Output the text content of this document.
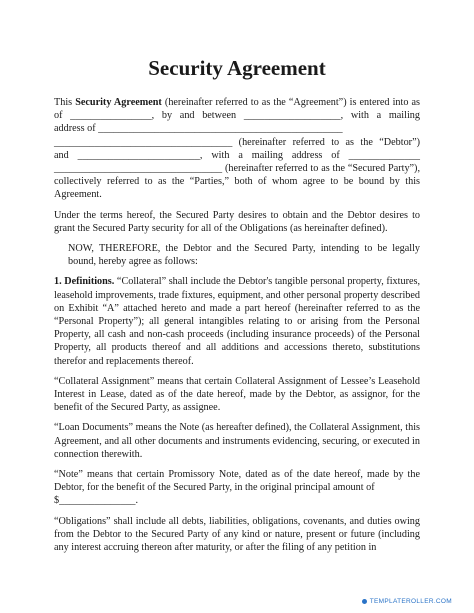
Security Agreement
This Security Agreement (hereinafter referred to as the “Agreement”) is entered into as
of ________________, by and between ___________________, with a mailing
address of ________________________________________________
___________________________________ (hereinafter referred to as the “Debtor”)
and ________________________, with a mailing address of ______________
_________________________________ (hereinafter referred to as the “Secured Party”),
collectively referred to as the “Parties,” both of whom agree to be bound by this
Agreement.
Under the terms hereof, the Secured Party desires to obtain and the Debtor desires to grant the Secured Party security for all of the Obligations (as hereinafter defined).
NOW, THEREFORE, the Debtor and the Secured Party, intending to be legally bound, hereby agree as follows:
1. Definitions. “Collateral” shall include the Debtor's tangible personal property, fixtures, leasehold improvements, trade fixtures, equipment, and other personal property described on Exhibit “A” attached hereto and made a part hereof (hereinafter referred to as the “Personal Property”); all general intangibles relating to or arising from the Personal Property, all cash and non-cash proceeds (including insurance proceeds) of the Personal Property, all products thereof and all additions and accessions thereto, substitutions therefor and replacements thereof.
“Collateral Assignment” means that certain Collateral Assignment of Lessee’s Leasehold Interest in Lease, dated as of the date hereof, made by the Debtor, as assignor, for the benefit of the Secured Party, as assignee.
“Loan Documents” means the Note (as hereafter defined), the Collateral Assignment, this Agreement, and all other documents and instruments evidencing, securing, or executed in connection therewith.
“Note” means that certain Promissory Note, dated as of the date hereof, made by the Debtor, for the benefit of the Secured Party, in the original principal amount of
$_______________.
“Obligations” shall include all debts, liabilities, obligations, covenants, and duties owing from the Debtor to the Secured Party of any kind or nature, present or future (including any interest accruing thereon after maturity, or after the filing of any petition in
TEMPLATEROLLER.COM
